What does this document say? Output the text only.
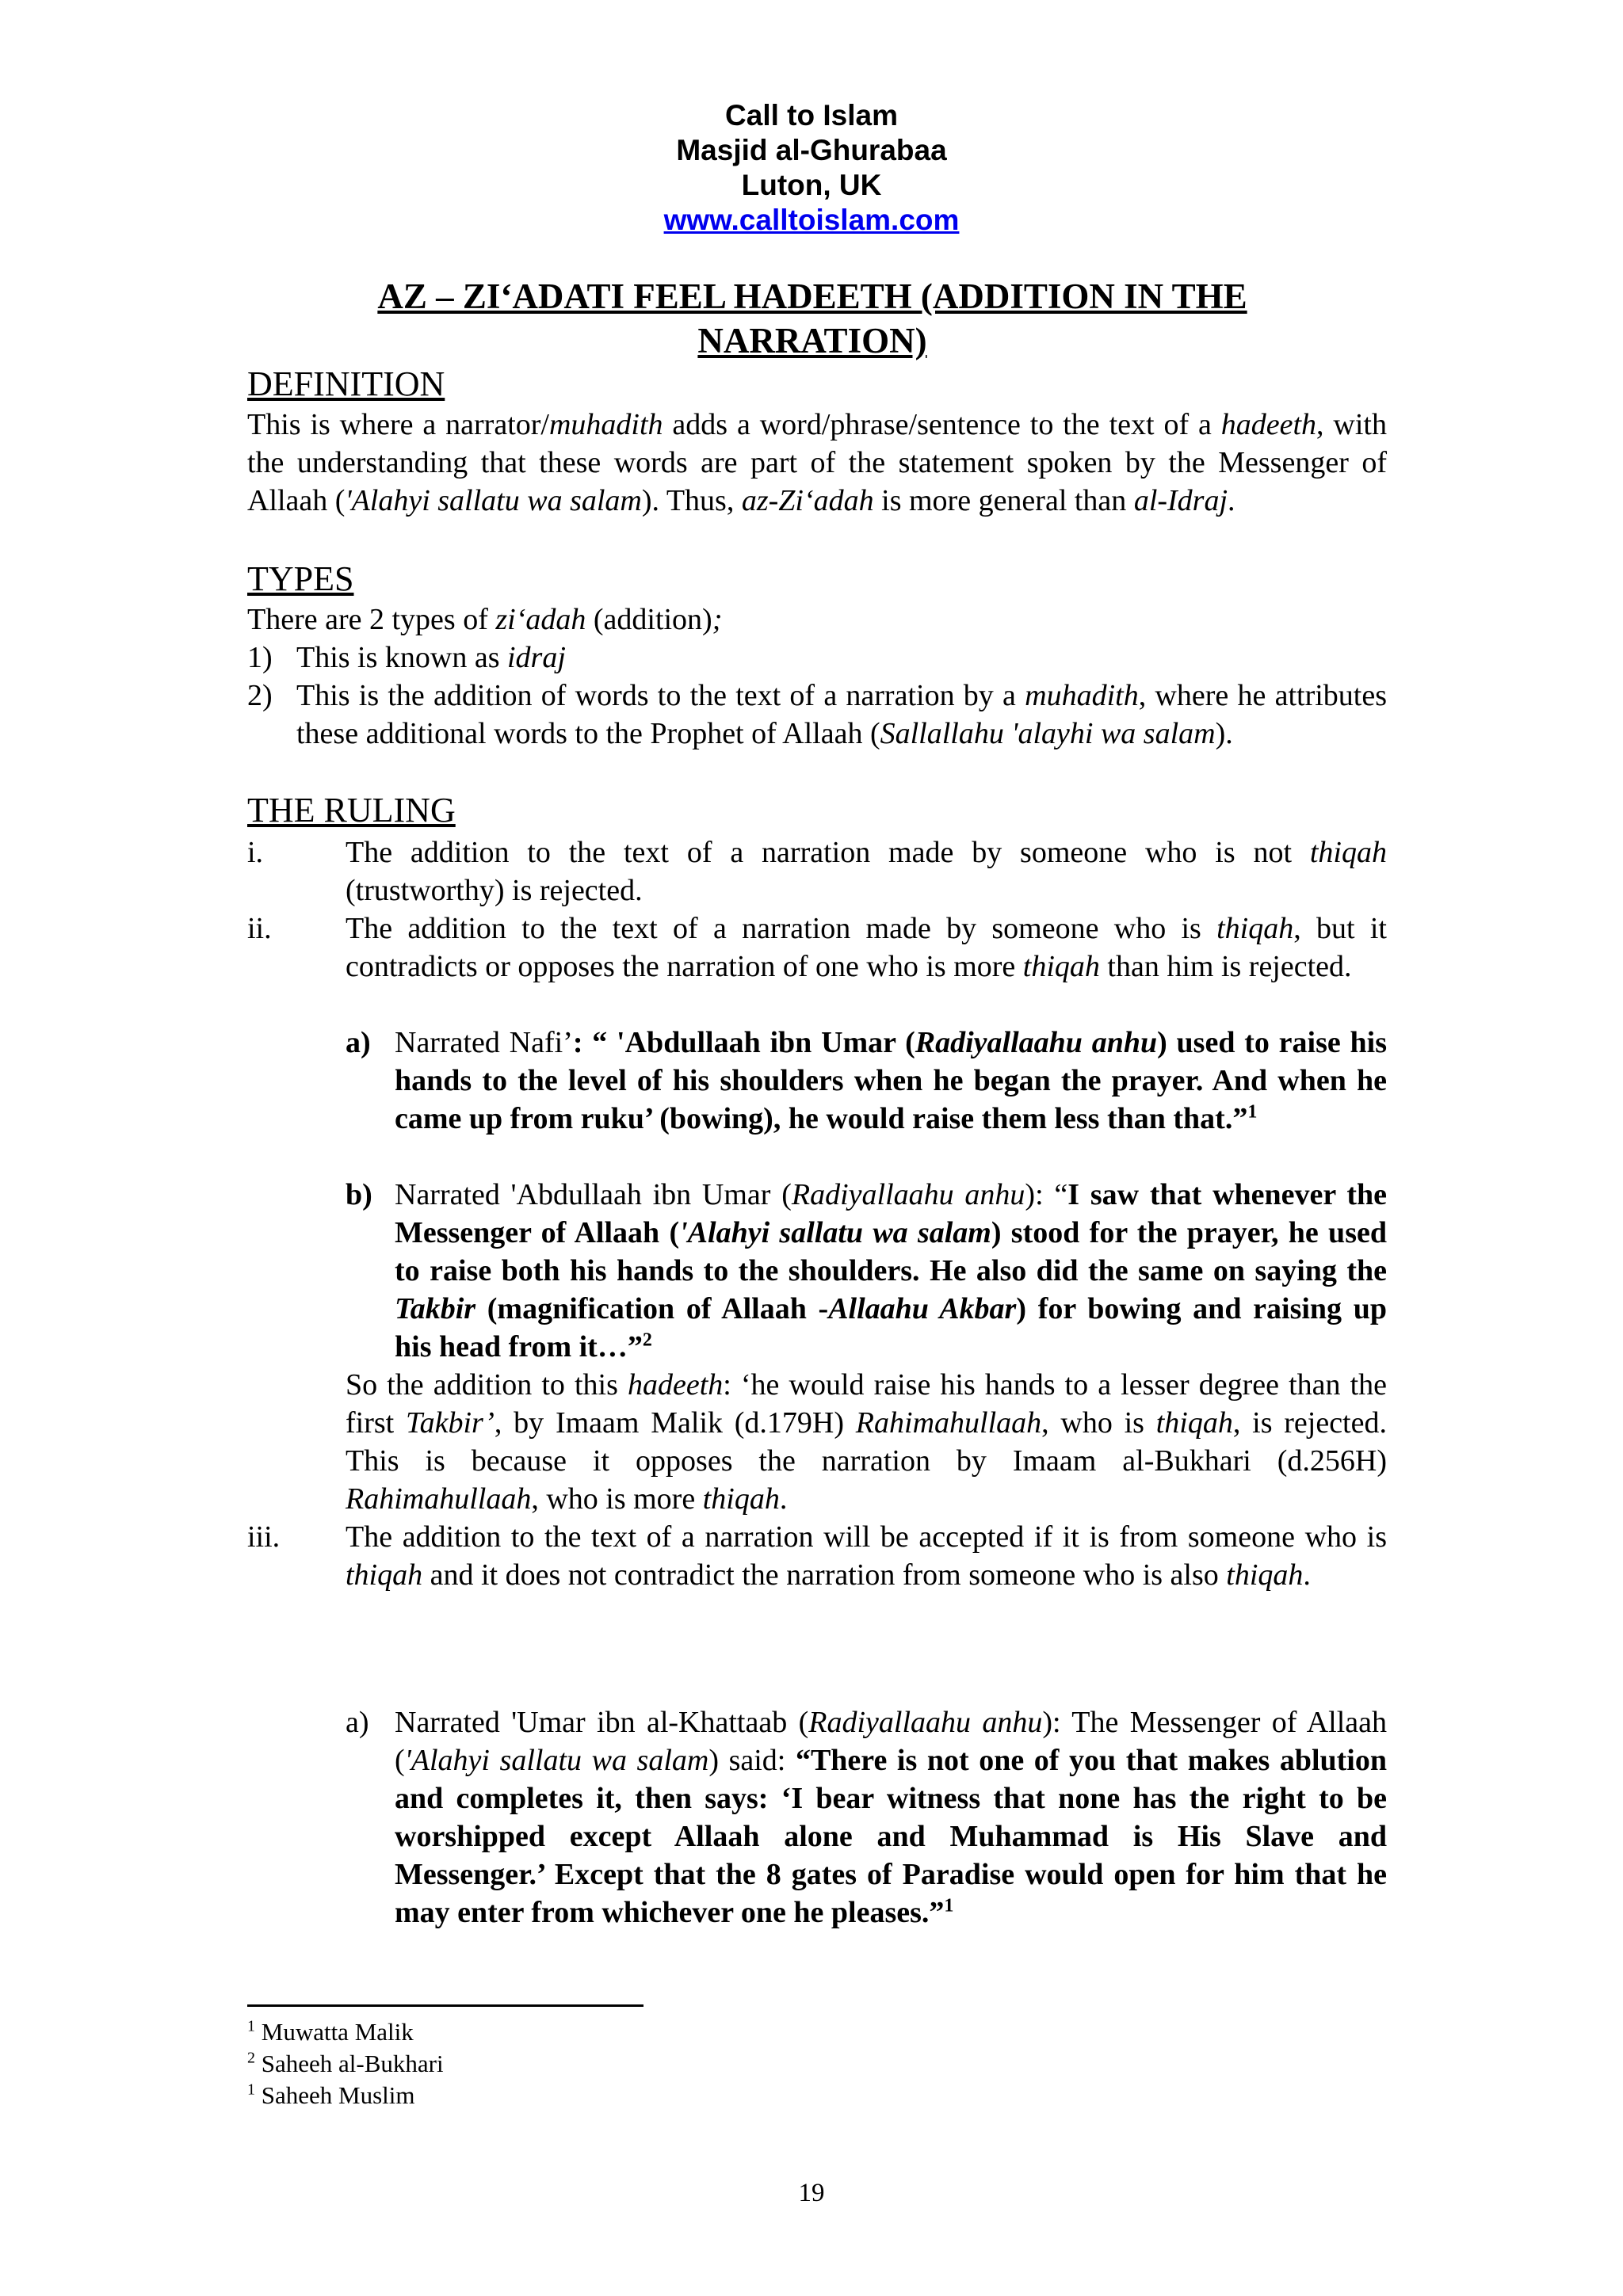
Call to Islam
Masjid al-Ghurabaa
Luton, UK
www.calltoislam.com
AZ – ZI‘ADATI FEEL HADEETH (ADDITION IN THE
NARRATION)
DEFINITION
This is where a narrator/muhadith adds a word/phrase/sentence to the text of a hadeeth, with the understanding that these words are part of the statement spoken by the Messenger of Allaah ('Alahyi sallatu wa salam). Thus, az-Zi‘adah is more general than al-Idraj.
TYPES
There are 2 types of zi‘adah (addition);
1) This is known as idraj
2) This is the addition of words to the text of a narration by a muhadith, where he attributes these additional words to the Prophet of Allaah (Sallallahu 'alayhi wa salam).
THE RULING
i.	The addition to the text of a narration made by someone who is not thiqah (trustworthy) is rejected.
ii. The addition to the text of a narration made by someone who is thiqah, but it contradicts or opposes the narration of one who is more thiqah than him is rejected.
a) Narrated Nafi’: “ 'Abdullaah ibn Umar (Radiyallaahu anhu) used to raise his hands to the level of his shoulders when he began the prayer. And when he came up from ruku’ (bowing), he would raise them less than that.”$^1$
b) Narrated 'Abdullaah ibn Umar (Radiyallaahu anhu): “I saw that whenever the Messenger of Allaah ('Alahyi sallatu wa salam) stood for the prayer, he used to raise both his hands to the shoulders. He also did the same on saying the Takbir (magnification of Allaah -Allaahu Akbar) for bowing and raising up his head from it…”$^2$
So the addition to this hadeeth: ‘he would raise his hands to a lesser degree than the first Takbir’, by Imaam Malik (d.179H) Rahimahullaah, who is thiqah, is rejected. This is because it opposes the narration by Imaam al-Bukhari (d.256H) Rahimahullaah, who is more thiqah.
iii. The addition to the text of a narration will be accepted if it is from someone who is thiqah and it does not contradict the narration from someone who is also thiqah.
a) Narrated 'Umar ibn al-Khattaab (Radiyallaahu anhu): The Messenger of Allaah ('Alahyi sallatu wa salam) said: “There is not one of you that makes ablution and completes it, then says: ‘I bear witness that none has the right to be worshipped except Allaah alone and Muhammad is His Slave and Messenger.’ Except that the 8 gates of Paradise would open for him that he may enter from whichever one he pleases.”$^1$
$^1$ Muwatta Malik
$^2$ Saheeh al-Bukhari
$^1$ Saheeh Muslim
19
